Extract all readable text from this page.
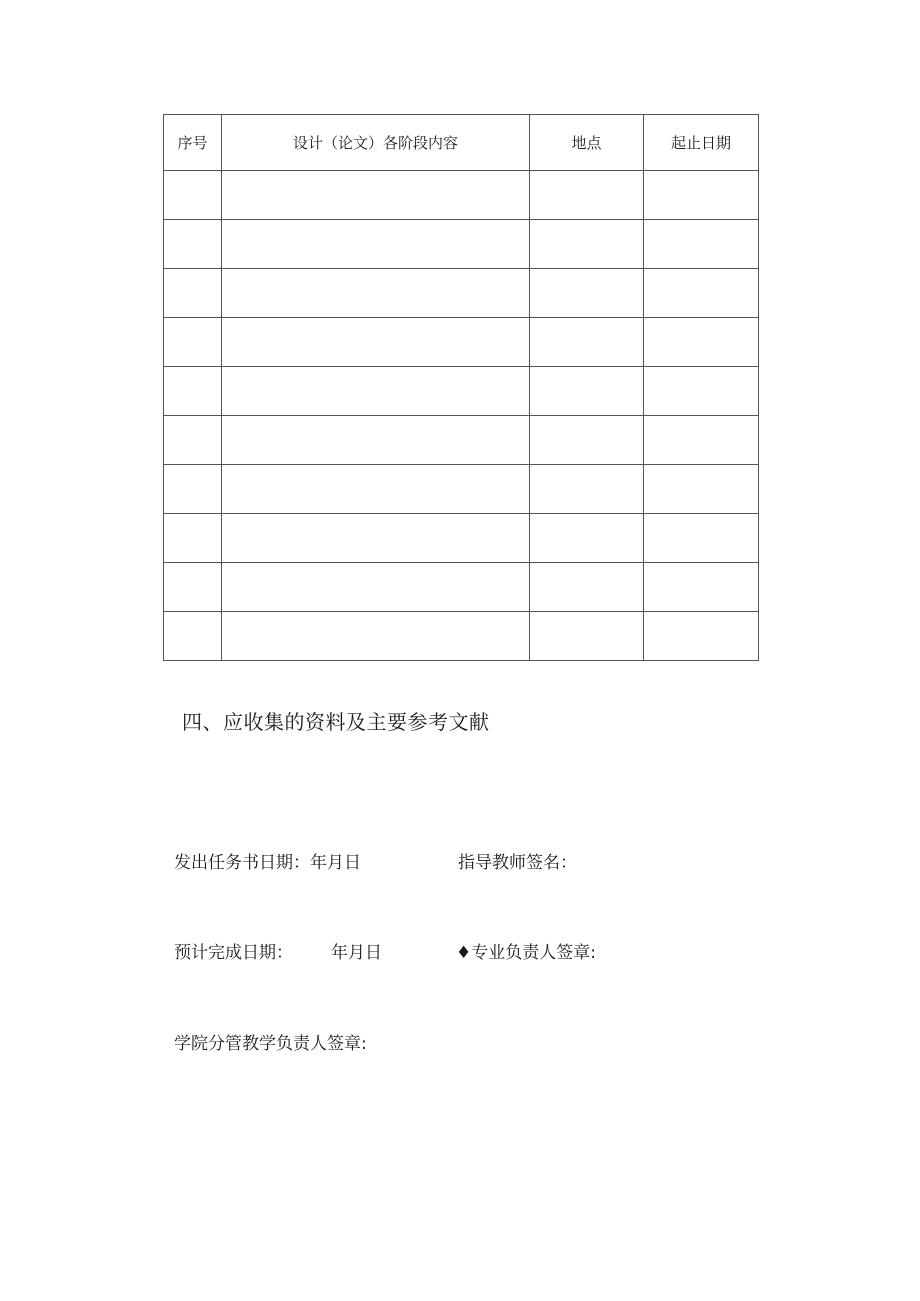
序号	设计（论文）各阶段内容	地点	起止日期

四、应收集的资料及主要参考文献
发出任务书日期：年月日	指导教师签名：
预计完成日期： 年月日	♦专业负责人签章:
学院分管教学负责人签章:
